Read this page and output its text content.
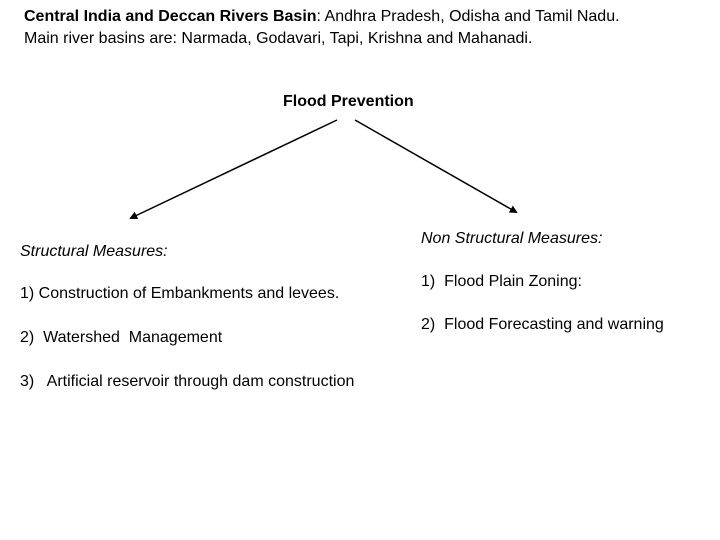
Central India and Deccan Rivers Basin: Andhra Pradesh, Odisha and Tamil Nadu.
Main river basins are: Narmada, Godavari, Tapi, Krishna and Mahanadi.
Flood Prevention
Structural Measures:
1) Construction of Embankments and levees.
2)  Watershed  Management
3)   Artificial reservoir through dam construction
Non Structural Measures:
1)  Flood Plain Zoning:
2)  Flood Forecasting and warning
